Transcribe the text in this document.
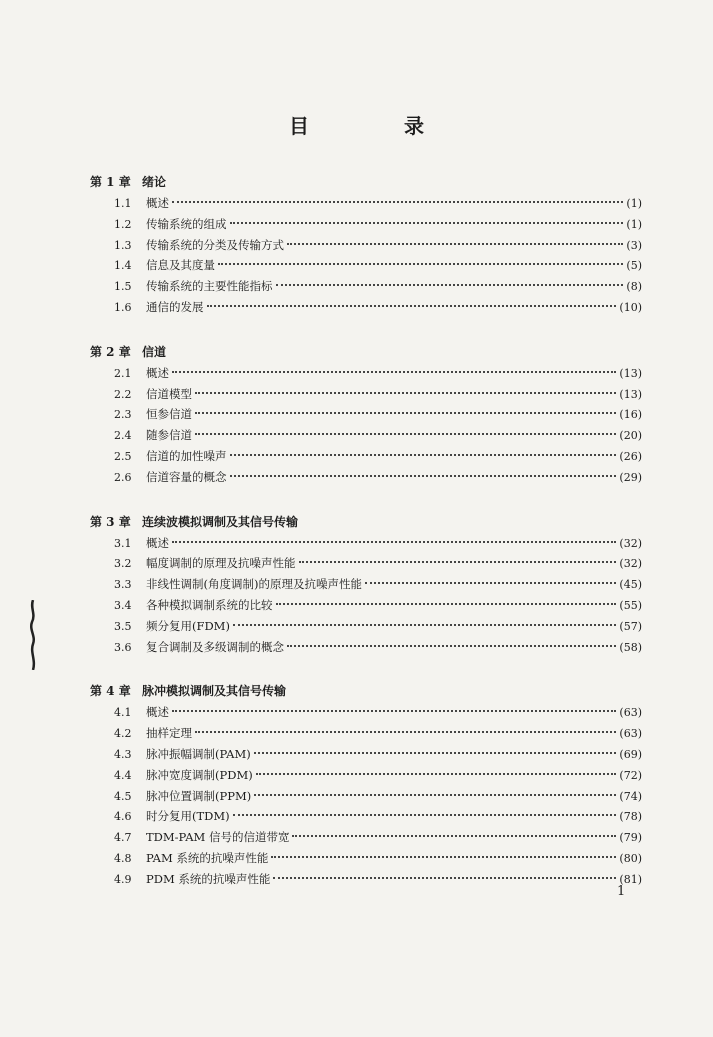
目 录
第 1 章 绪论
1.1	概述	(1)
1.2	传输系统的组成	(1)
1.3	传输系统的分类及传输方式	(3)
1.4	信息及其度量	(5)
1.5	传输系统的主要性能指标	(8)
1.6	通信的发展	(10)
第 2 章 信道
2.1	概述	(13)
2.2	信道模型	(13)
2.3	恒参信道	(16)
2.4	随参信道	(20)
2.5	信道的加性噪声	(26)
2.6	信道容量的概念	(29)
第 3 章 连续波模拟调制及其信号传输
3.1	概述	(32)
3.2	幅度调制的原理及抗噪声性能	(32)
3.3	非线性调制(角度调制)的原理及抗噪声性能	(45)
3.4	各种模拟调制系统的比较	(55)
3.5	频分复用(FDM)	(57)
3.6	复合调制及多级调制的概念	(58)
第 4 章 脉冲模拟调制及其信号传输
4.1	概述	(63)
4.2	抽样定理	(63)
4.3	脉冲振幅调制(PAM)	(69)
4.4	脉冲宽度调制(PDM)	(72)
4.5	脉冲位置调制(PPM)	(74)
4.6	时分复用(TDM)	(78)
4.7	TDM-PAM 信号的信道带宽	(79)
4.8	PAM 系统的抗噪声性能	(80)
4.9	PDM 系统的抗噪声性能	(81)
1
